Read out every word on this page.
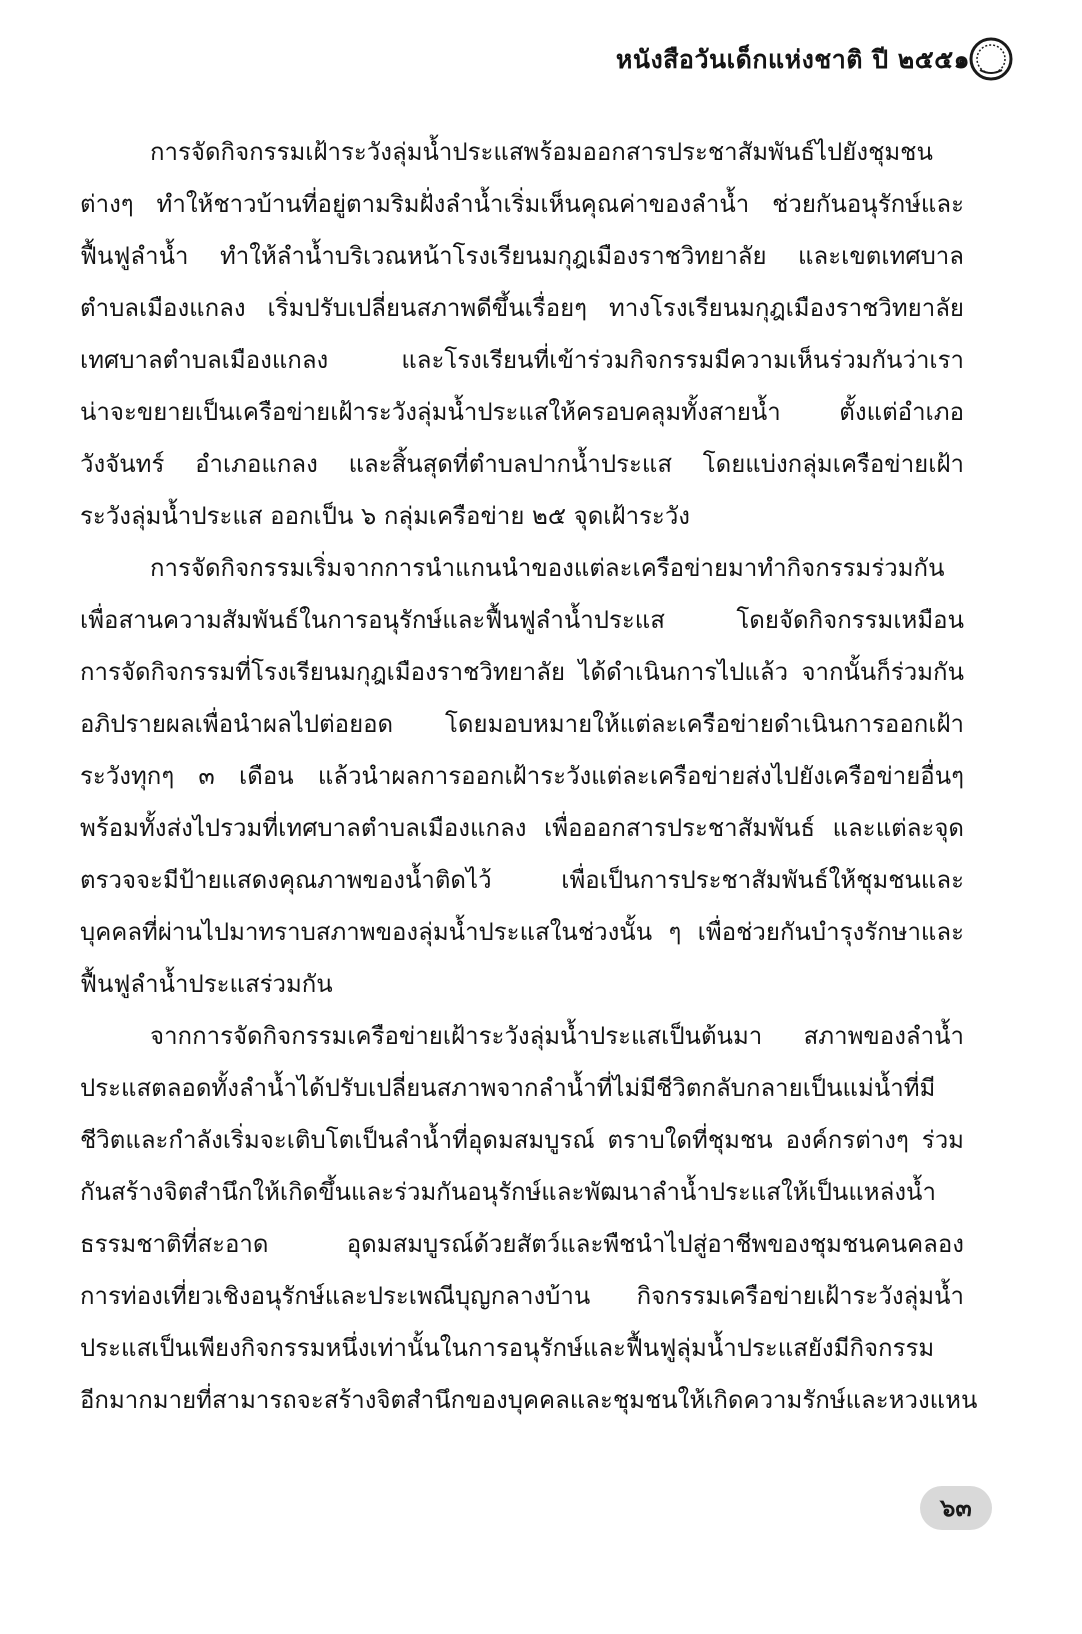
หนังสือวันเด็กแห่งชาติ ปี ๒๕๕๑
การจัดกิจกรรมเฝ้าระวังลุ่มน้ำประแสพร้อมออกสารประชาสัมพันธ์ไปยังชุมชน
ต่างๆ ทำให้ชาวบ้านที่อยู่ตามริมฝั่งลำน้ำเริ่มเห็นคุณค่าของลำน้ำ ช่วยกันอนุรักษ์และ
ฟื้นฟูลำน้ำ ทำให้ลำน้ำบริเวณหน้าโรงเรียนมกุฎเมืองราชวิทยาลัย และเขตเทศบาล
ตำบลเมืองแกลง เริ่มปรับเปลี่ยนสภาพดีขึ้นเรื่อยๆ ทางโรงเรียนมกุฎเมืองราชวิทยาลัย
เทศบาลตำบลเมืองแกลง และโรงเรียนที่เข้าร่วมกิจกรรมมีความเห็นร่วมกันว่าเรา
น่าจะขยายเป็นเครือข่ายเฝ้าระวังลุ่มน้ำประแสให้ครอบคลุมทั้งสายน้ำ ตั้งแต่อำเภอ
วังจันทร์ อำเภอแกลง และสิ้นสุดที่ตำบลปากน้ำประแส โดยแบ่งกลุ่มเครือข่ายเฝ้า
ระวังลุ่มน้ำประแส ออกเป็น ๖ กลุ่มเครือข่าย ๒๕ จุดเฝ้าระวัง
การจัดกิจกรรมเริ่มจากการนำแกนนำของแต่ละเครือข่ายมาทำกิจกรรมร่วมกัน
เพื่อสานความสัมพันธ์ในการอนุรักษ์และฟื้นฟูลำน้ำประแส โดยจัดกิจกรรมเหมือน
การจัดกิจกรรมที่โรงเรียนมกุฎเมืองราชวิทยาลัย ได้ดำเนินการไปแล้ว จากนั้นก็ร่วมกัน
อภิปรายผลเพื่อนำผลไปต่อยอด โดยมอบหมายให้แต่ละเครือข่ายดำเนินการออกเฝ้า
ระวังทุกๆ ๓ เดือน แล้วนำผลการออกเฝ้าระวังแต่ละเครือข่ายส่งไปยังเครือข่ายอื่นๆ
พร้อมทั้งส่งไปรวมที่เทศบาลตำบลเมืองแกลง เพื่อออกสารประชาสัมพันธ์ และแต่ละจุด
ตรวจจะมีป้ายแสดงคุณภาพของน้ำติดไว้ เพื่อเป็นการประชาสัมพันธ์ให้ชุมชนและ
บุคคลที่ผ่านไปมาทราบสภาพของลุ่มน้ำประแสในช่วงนั้น ๆ เพื่อช่วยกันบำรุงรักษาและ
ฟื้นฟูลำน้ำประแสร่วมกัน
จากการจัดกิจกรรมเครือข่ายเฝ้าระวังลุ่มน้ำประแสเป็นต้นมา สภาพของลำน้ำ
ประแสตลอดทั้งลำน้ำได้ปรับเปลี่ยนสภาพจากลำน้ำที่ไม่มีชีวิตกลับกลายเป็นแม่น้ำที่มี
ชีวิตและกำลังเริ่มจะเติบโตเป็นลำน้ำที่อุดมสมบูรณ์ ตราบใดที่ชุมชน องค์กรต่างๆ ร่วม
กันสร้างจิตสำนึกให้เกิดขึ้นและร่วมกันอนุรักษ์และพัฒนาลำน้ำประแสให้เป็นแหล่งน้ำ
ธรรมชาติที่สะอาด อุดมสมบูรณ์ด้วยสัตว์และพืชนำไปสู่อาชีพของชุมชนคนคลอง
การท่องเที่ยวเชิงอนุรักษ์และประเพณีบุญกลางบ้าน กิจกรรมเครือข่ายเฝ้าระวังลุ่มน้ำ
ประแสเป็นเพียงกิจกรรมหนึ่งเท่านั้นในการอนุรักษ์และฟื้นฟูลุ่มน้ำประแสยังมีกิจกรรม
อีกมากมายที่สามารถจะสร้างจิตสำนึกของบุคคลและชุมชนให้เกิดความรักษ์และหวงแหน
๖๓
